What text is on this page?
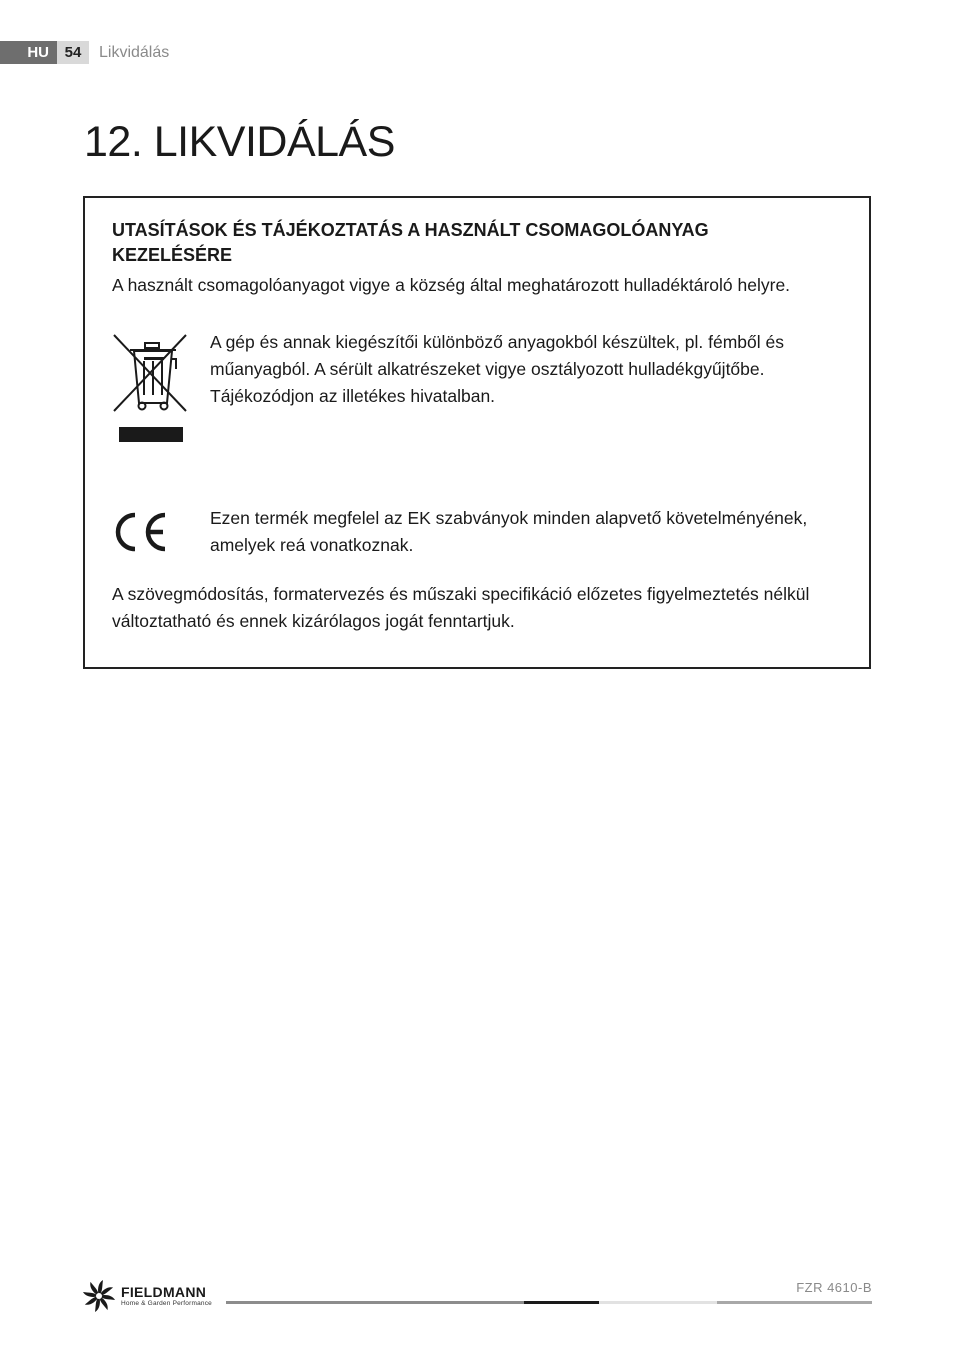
HU	54	Likvidálás
12. LIKVIDÁLÁS
UTASÍTÁSOK ÉS TÁJÉKOZTATÁS A HASZNÁLT CSOMAGOLÓANYAG KEZELÉSÉRE

A használt csomagolóanyagot vigye a község által meghatározott hulladéktároló helyre.

A gép és annak kiegészítői különböző anyagokból készültek, pl. fémből és műanyagból. A sérült alkatrészeket vigye osztályozott hulladékgyűjtőbe. Tájékozódjon az illetékes hivatalban.

Ezen termék megfelel az EK szabványok minden alapvető követelményének, amelyek reá vonatkoznak.

A szövegmódosítás, formatervezés és műszaki specifikáció előzetes figyelmeztetés nélkül változtatható és ennek kizárólagos jogát fenntartjuk.

FIELDMANN
Home & Garden Performance
FZR 4610-B
